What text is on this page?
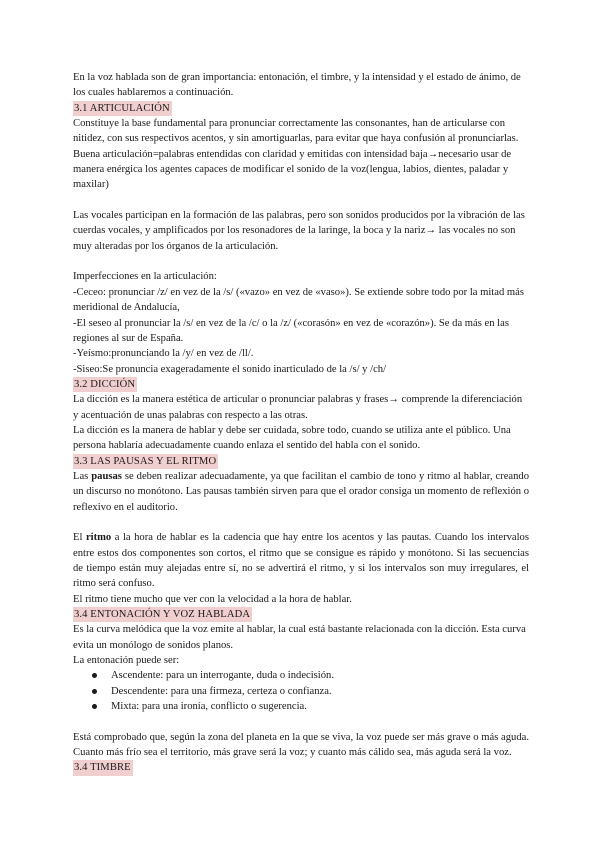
En la voz hablada son de gran importancia: entonación, el timbre, y la intensidad y el estado de ánimo, de los cuales hablaremos a continuación.

3.1 ARTICULACIÓN

Constituye la base fundamental para pronunciar correctamente las consonantes, han de articularse con nitidez, con sus respectivos acentos, y sin amortiguarlas, para evitar que haya confusión al pronunciarlas.

Buena articulación=palabras entendidas con claridad y emitidas con intensidad baja→necesario usar de manera enérgica los agentes capaces de modificar el sonido de la voz(lengua, labios, dientes, paladar y maxilar)

Las vocales participan en la formación de las palabras, pero son sonidos producidos por la vibración de las cuerdas vocales, y amplificados por los resonadores de la laringe, la boca y la nariz→ las vocales no son muy alteradas por los órganos de la articulación.

Imperfecciones en la articulación:

-Ceceo: pronunciar /z/ en vez de la /s/ («vazo» en vez de «vaso»). Se extiende sobre todo por la mitad más meridional de Andalucía,

-El seseo al pronunciar la /s/ en vez de la /c/ o la /z/ («corasón» en vez de «corazón»). Se da más en las regiones al sur de España.

-Yeísmo:pronunciando la /y/ en vez de /ll/.

-Siseo:Se pronuncia exageradamente el sonido inarticulado de la /s/ y /ch/

3.2 DICCIÓN

La dicción es la manera estética de articular o pronunciar palabras y frases→ comprende la diferenciación y acentuación de unas palabras con respecto a las otras.

La dicción es la manera de hablar y debe ser cuidada, sobre todo, cuando se utiliza ante el público. Una persona hablaría adecuadamente cuando enlaza el sentido del habla con el sonido.

3.3 LAS PAUSAS Y EL RITMO

Las pausas se deben realizar adecuadamente, ya que facilitan el cambio de tono y ritmo al hablar, creando un discurso no monótono. Las pausas también sirven para que el orador consiga un momento de reflexión o reflexivo en el auditorio.

El ritmo a la hora de hablar es la cadencia que hay entre los acentos y las pautas. Cuando los intervalos entre estos dos componentes son cortos, el ritmo que se consigue es rápido y monótono. Si las secuencias de tiempo están muy alejadas entre sí, no se advertirá el ritmo, y si los intervalos son muy irregulares, el ritmo será confuso.

El ritmo tiene mucho que ver con la velocidad a la hora de hablar.

3.4 ENTONACIÓN Y VOZ HABLADA

Es la curva melódica que la voz emite al hablar, la cual está bastante relacionada con la dicción. Esta curva evita un monólogo de sonidos planos.

La entonación puede ser:

Ascendente: para un interrogante, duda o indecisión.
Descendente: para una firmeza, certeza o confianza.
Mixta: para una ironía, conflicto o sugerencia.

Está comprobado que, según la zona del planeta en la que se viva, la voz puede ser más grave o más aguda. Cuanto más frío sea el territorio, más grave será la voz; y cuanto más cálido sea, más aguda será la voz.

3.4 TIMBRE
